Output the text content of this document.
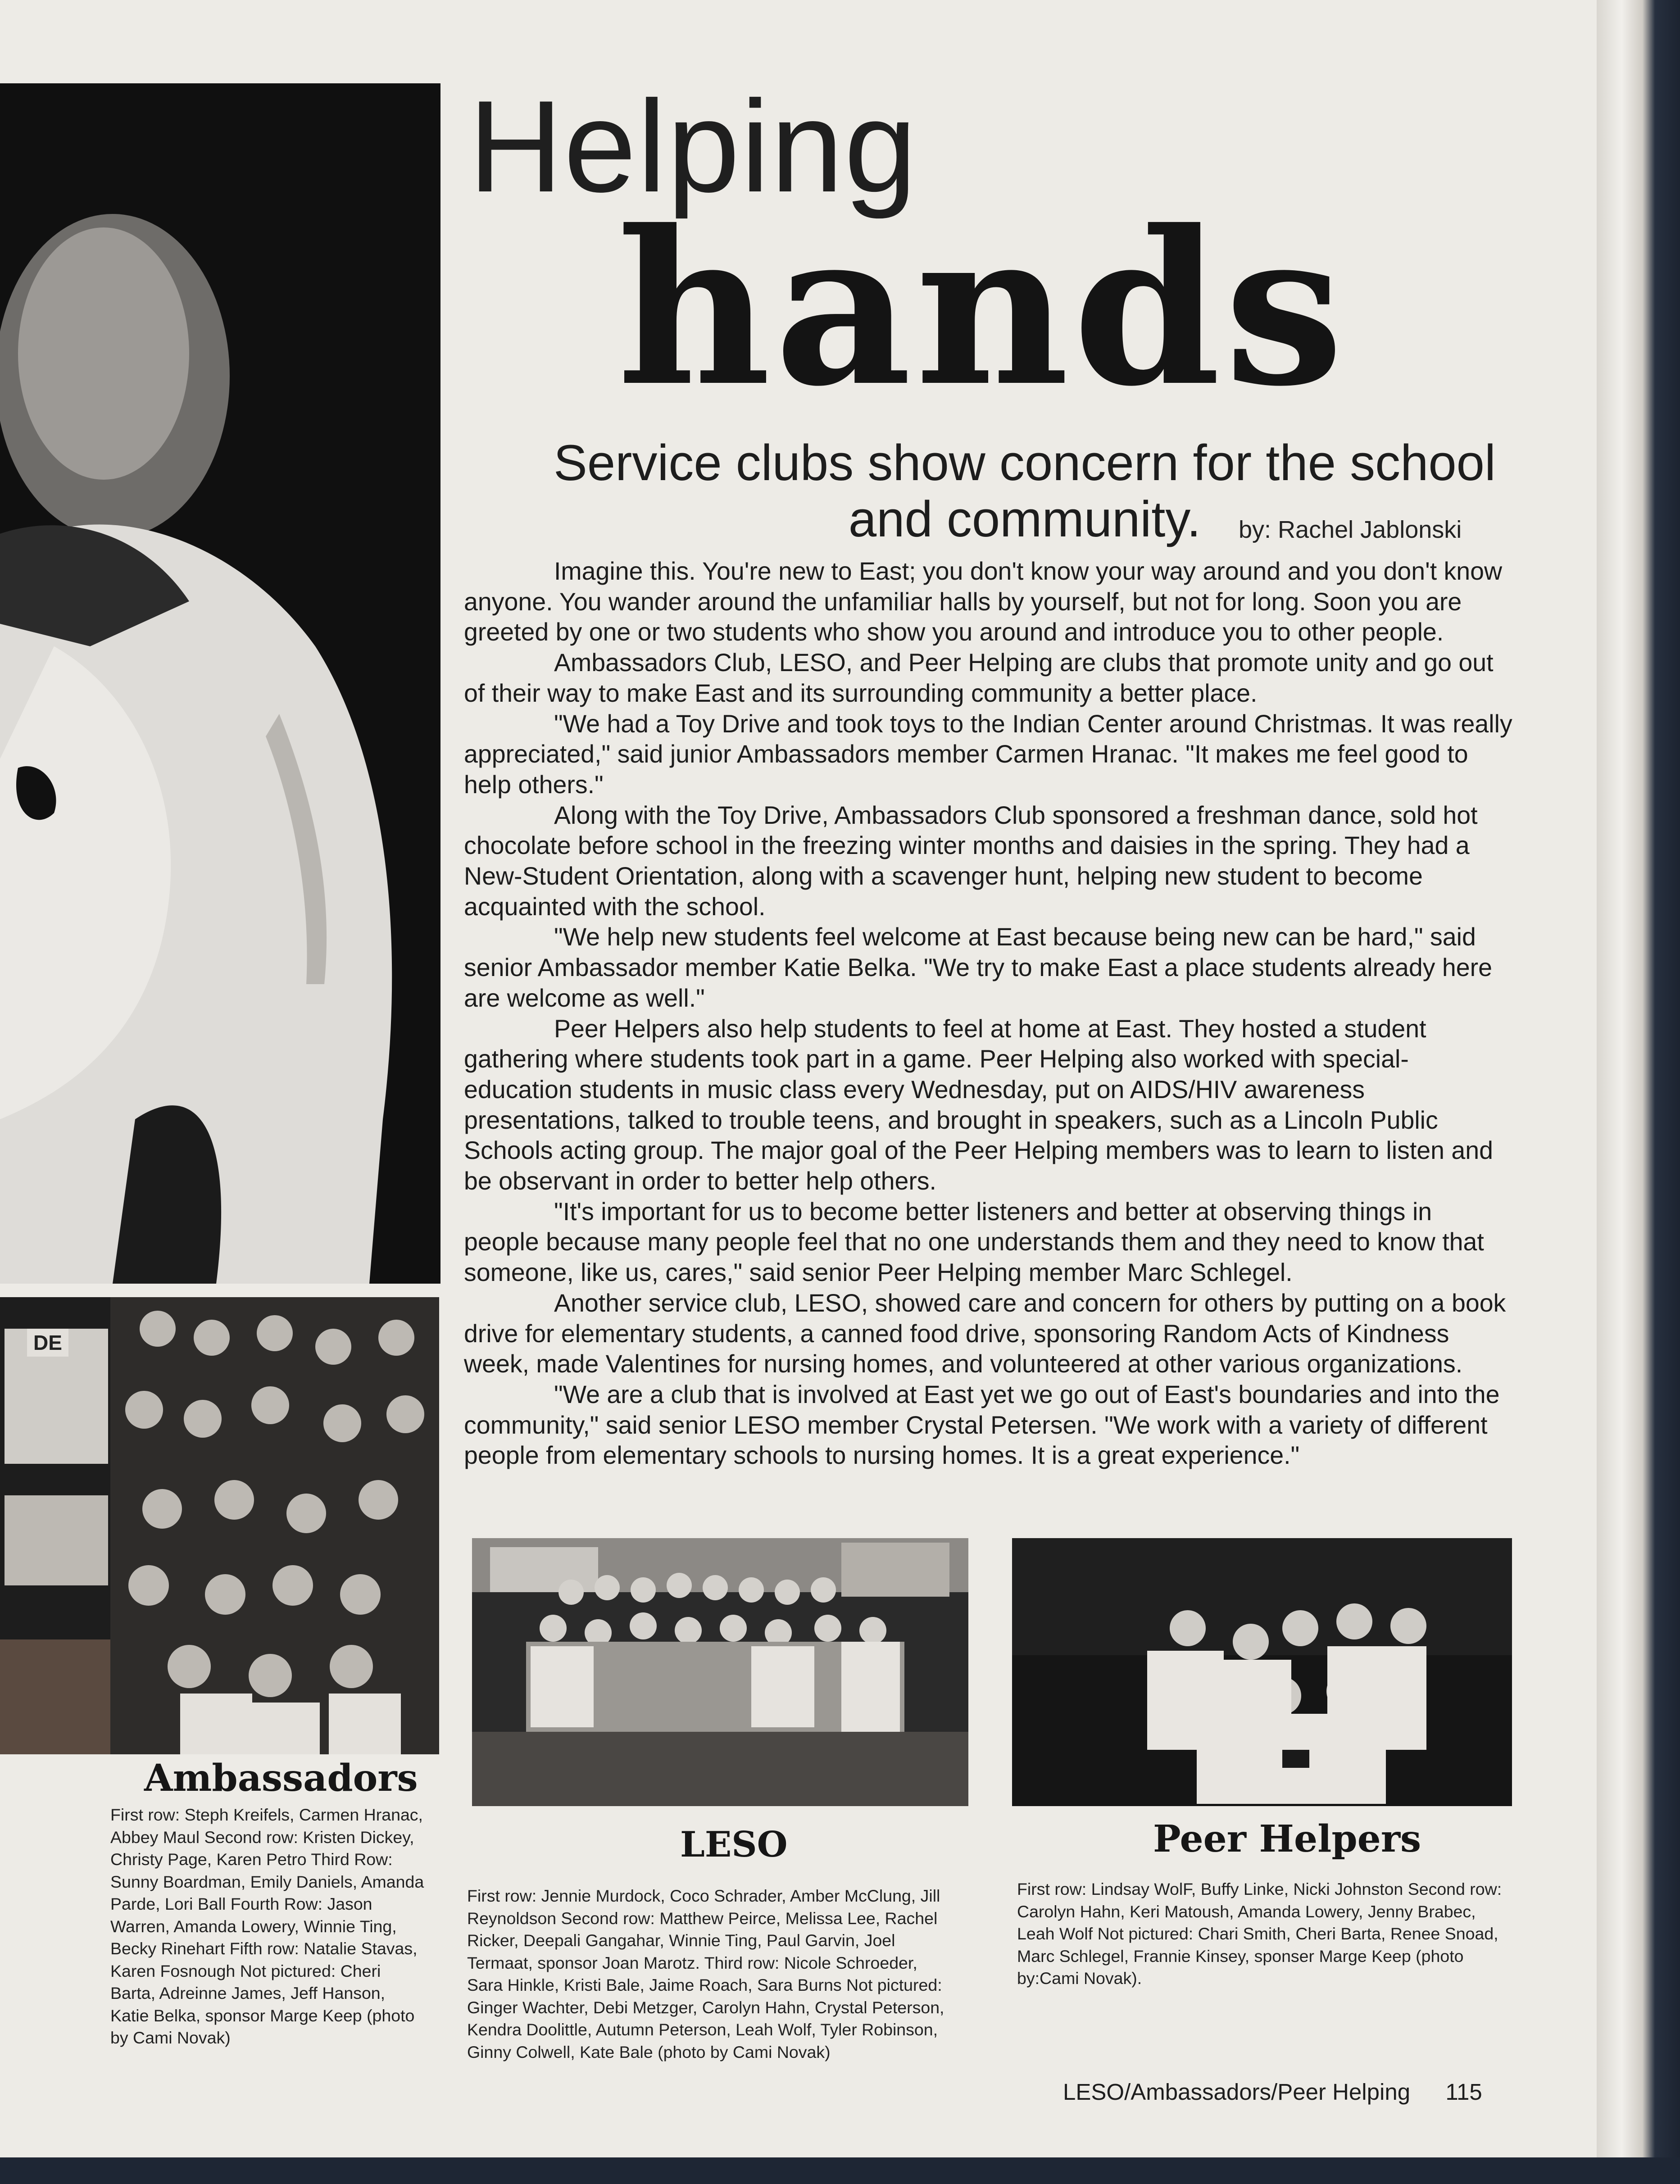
DE
Helping
hands
Service clubs show concern for the school and community.	by: Rachel Jablonski

Imagine this. You're new to East; you don't know your way around and you don't know anyone. You wander around the unfamiliar halls by yourself, but not for long. Soon you are greeted by one or two students who show you around and introduce you to other people.

Ambassadors Club, LESO, and Peer Helping are clubs that promote unity and go out of their way to make East and its surrounding community a better place.

"We had a Toy Drive and took toys to the Indian Center around Christmas. It was really appreciated," said junior Ambassadors member Carmen Hranac. "It makes me feel good to help others."

Along with the Toy Drive, Ambassadors Club sponsored a freshman dance, sold hot chocolate before school in the freezing winter months and daisies in the spring. They had a New-Student Orientation, along with a scavenger hunt, helping new student to become acquainted with the school.

"We help new students feel welcome at East because being new can be hard," said senior Ambassador member Katie Belka. "We try to make East a place students already here are welcome as well."

Peer Helpers also help students to feel at home at East. They hosted a student gathering where students took part in a game. Peer Helping also worked with special-education students in music class every Wednesday, put on AIDS/HIV awareness presentations, talked to trouble teens, and brought in speakers, such as a Lincoln Public Schools acting group. The major goal of the Peer Helping members was to learn to listen and be observant in order to better help others.

"It's important for us to become better listeners and better at observing things in people because many people feel that no one understands them and they need to know that someone, like us, cares," said senior Peer Helping member Marc Schlegel.

Another service club, LESO, showed care and concern for others by putting on a book drive for elementary students, a canned food drive, sponsoring Random Acts of Kindness week, made Valentines for nursing homes, and volunteered at other various organizations.

"We are a club that is involved at East yet we go out of East's boundaries and into the community," said senior LESO member Crystal Petersen. "We work with a variety of different people from elementary schools to nursing homes. It is a great experience."

Ambassadors
LESO	Peer Helpers
First row: Steph Kreifels, Carmen Hranac, Abbey Maul Second row: Kristen Dickey, Christy Page, Karen Petro Third Row: Sunny Boardman, Emily Daniels, Amanda Parde, Lori Ball Fourth Row: Jason Warren, Amanda Lowery, Winnie Ting, Becky Rinehart Fifth row: Natalie Stavas, Karen Fosnough Not pictured: Cheri Barta, Adreinne James, Jeff Hanson, Katie Belka, sponsor Marge Keep (photo by Cami Novak)
First row: Jennie Murdock, Coco Schrader, Amber McClung, Jill Reynoldson Second row: Matthew Peirce, Melissa Lee, Rachel Ricker, Deepali Gangahar, Winnie Ting, Paul Garvin, Joel Termaat, sponsor Joan Marotz. Third row: Nicole Schroeder, Sara Hinkle, Kristi Bale, Jaime Roach, Sara Burns Not pictured: Ginger Wachter, Debi Metzger, Carolyn Hahn, Crystal Peterson, Kendra Doolittle, Autumn Peterson, Leah Wolf, Tyler Robinson, Ginny Colwell, Kate Bale (photo by Cami Novak)
First row: Lindsay WolF, Buffy Linke, Nicki Johnston Second row: Carolyn Hahn, Keri Matoush, Amanda Lowery, Jenny Brabec, Leah Wolf Not pictured: Chari Smith, Cheri Barta, Renee Snoad, Marc Schlegel, Frannie Kinsey, sponser Marge Keep (photo by:Cami Novak).
LESO/Ambassadors/Peer Helping 115
